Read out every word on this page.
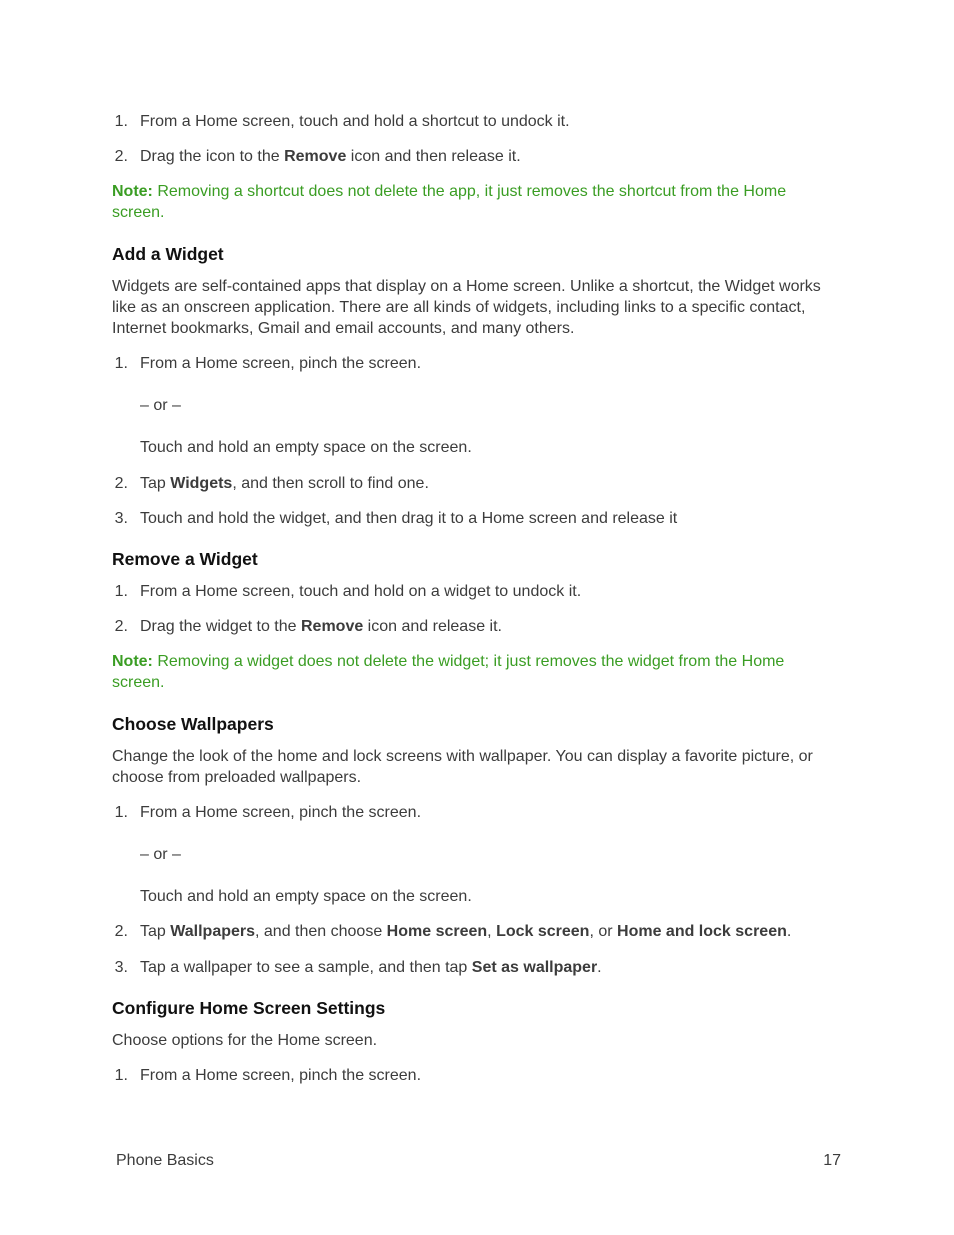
1. From a Home screen, touch and hold a shortcut to undock it.
2. Drag the icon to the Remove icon and then release it.
Note: Removing a shortcut does not delete the app, it just removes the shortcut from the Home screen.
Add a Widget
Widgets are self-contained apps that display on a Home screen. Unlike a shortcut, the Widget works like as an onscreen application. There are all kinds of widgets, including links to a specific contact, Internet bookmarks, Gmail and email accounts, and many others.
1. From a Home screen, pinch the screen.
– or –
Touch and hold an empty space on the screen.
2. Tap Widgets, and then scroll to find one.
3. Touch and hold the widget, and then drag it to a Home screen and release it
Remove a Widget
1. From a Home screen, touch and hold on a widget to undock it.
2. Drag the widget to the Remove icon and release it.
Note: Removing a widget does not delete the widget; it just removes the widget from the Home screen.
Choose Wallpapers
Change the look of the home and lock screens with wallpaper. You can display a favorite picture, or choose from preloaded wallpapers.
1. From a Home screen, pinch the screen.
– or –
Touch and hold an empty space on the screen.
2. Tap Wallpapers, and then choose Home screen, Lock screen, or Home and lock screen.
3. Tap a wallpaper to see a sample, and then tap Set as wallpaper.
Configure Home Screen Settings
Choose options for the Home screen.
1. From a Home screen, pinch the screen.
Phone Basics	17
